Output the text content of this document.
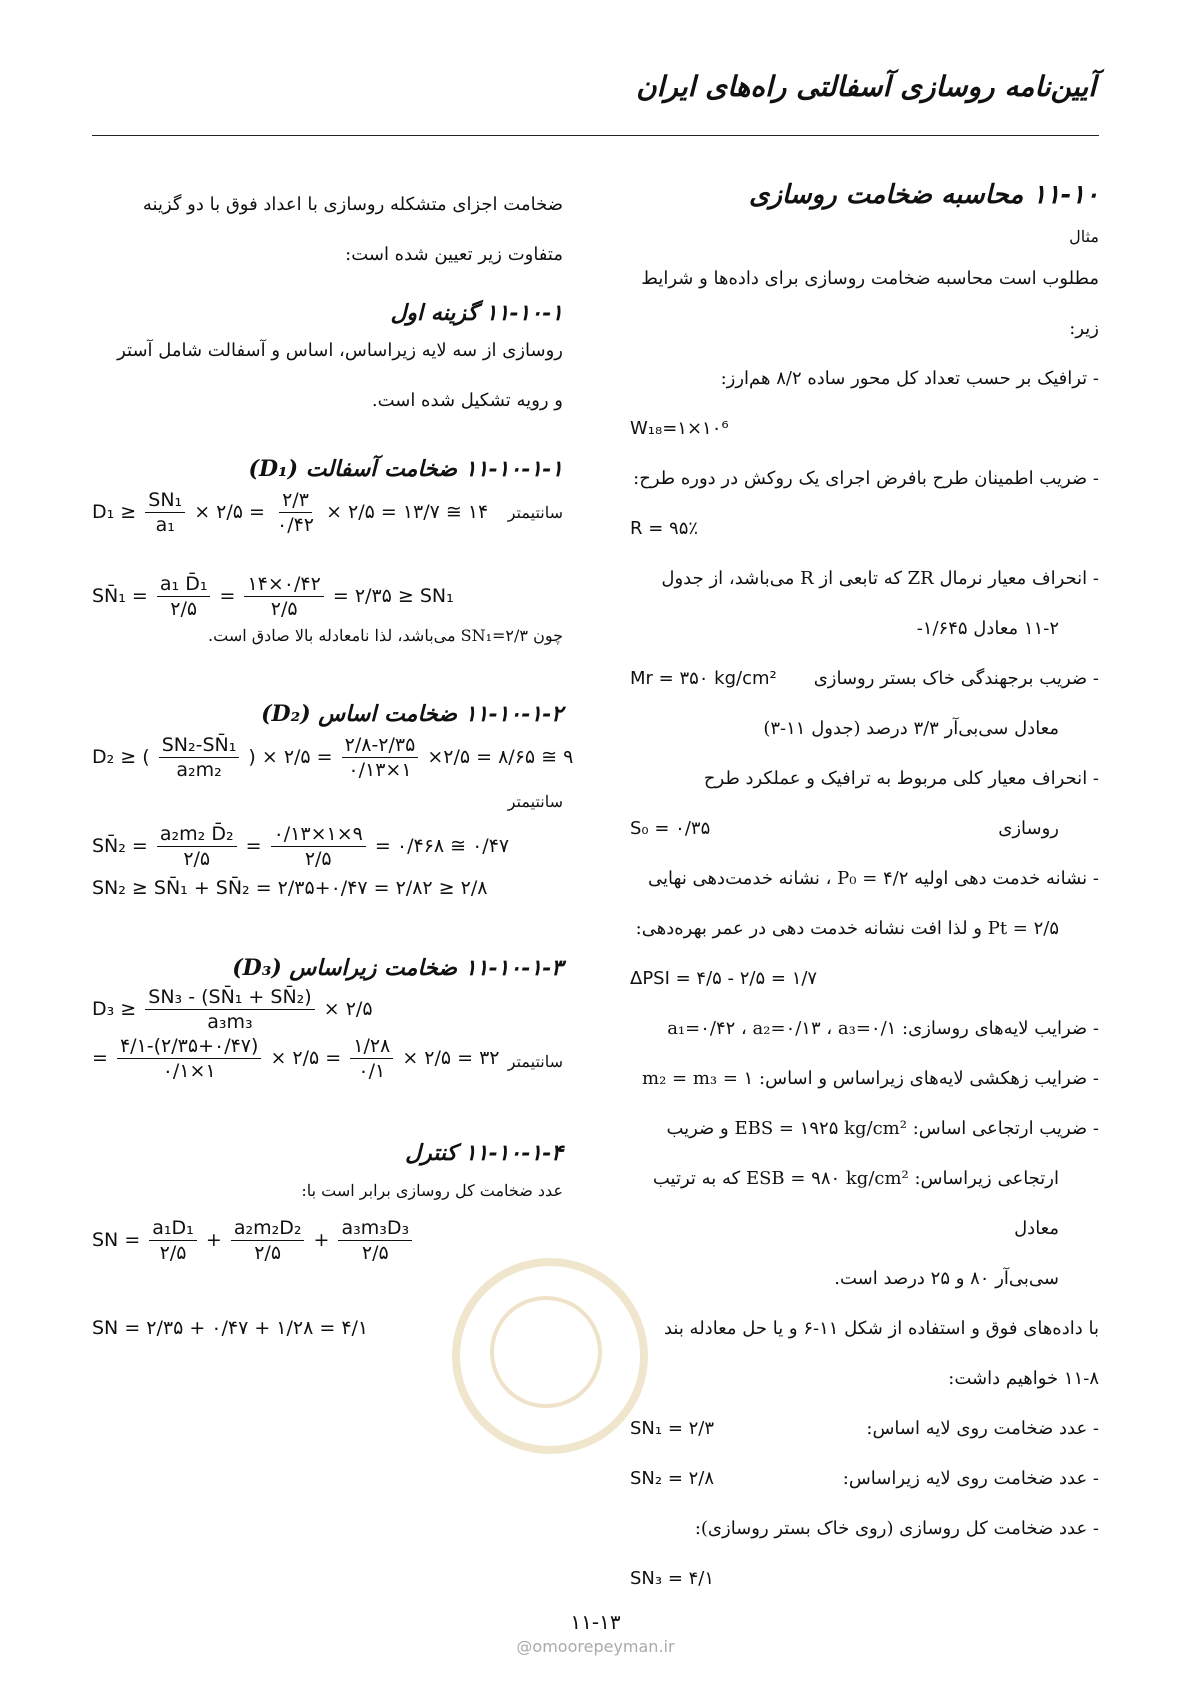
آیین‌نامه روسازی آسفالتی راه‌های ایران
۱۱-۱۰ محاسبه ضخامت روسازی
مثال

مطلوب است محاسبه ضخامت روسازی برای داده‌ها و شرایط زیر:

- ترافیک بر حسب تعداد کل محور ساده ۸/۲ هم‌ارز:

W₁₈=۱×۱۰⁶

- ضریب اطمینان طرح بافرض اجرای یک روکش در دوره طرح:

R = ۹۵٪

- انحراف معیار نرمال ZR که تابعی از R می‌باشد، از جدول

۱۱-۲ معادل ۱/۶۴۵-

- ضریب برجهندگی خاک بستر روسازی

Mr = ۳۵۰ kg/cm²

معادل سی‌بی‌آر ۳/۳ درصد (جدول ۱۱-۳)

- انحراف معیار کلی مربوط به ترافیک و عملکرد طرح

روسازی

S₀ = ۰/۳۵

- نشانه خدمت دهی اولیه P₀ = ۴/۲ ، نشانه خدمت‌دهی نهایی

Pt = ۲/۵ و لذا افت نشانه خدمت دهی در عمر بهره‌دهی:

ΔPSI = ۴/۵ - ۲/۵ = ۱/۷

- ضرایب لایه‌های روسازی: a₁=۰/۴۲ ، a₂=۰/۱۳ ، a₃=۰/۱

- ضرایب زهکشی لایه‌های زیراساس و اساس: m₂ = m₃ = ۱

- ضریب ارتجاعی اساس: EBS = ۱۹۲۵ kg/cm² و ضریب

ارتجاعی زیراساس: ESB = ۹۸۰ kg/cm² که به ترتیب معادل

سی‌بی‌آر ۸۰ و ۲۵ درصد است.

با داده‌های فوق و استفاده از شکل ۱۱-۶ و یا حل معادله بند

۱۱-۸ خواهیم داشت:

- عدد ضخامت روی لایه اساس:

SN₁ = ۲/۳

- عدد ضخامت روی لایه زیراساس:

SN₂ = ۲/۸

- عدد ضخامت کل روسازی (روی خاک بستر روسازی):

SN₃ = ۴/۱

ضخامت اجزای متشکله روسازی با اعداد فوق با دو گزینه

متفاوت زیر تعیین شده است:

۱۱-۱۰-۱ گزینه اول

روسازی از سه لایه زیراساس، اساس و آسفالت شامل آستر

و رویه تشکیل شده است.

۱۱-۱۰-۱-۱ ضخامت آسفالت (D₁)
سانتیمتر
$D_1 \ge \frac{\text{SN₁}}{\text{a₁}}$ × ۲/۵ = $\frac{۲/۳}{۰/۴۲}$ × ۲/۵ = ۱۳/۷ ≅ ۱۴
SN̄₁ = $\frac{\text{a₁ D̄₁}}{۲/۵} = \frac{۱۴\times ۰/۴۲}{۲/۵}$ = ۲/۳۵ ≥ SN₁

چون SN₁=۲/۳ می‌باشد، لذا نامعادله بالا صادق است.

۱۱-۱۰-۱-۲ ضخامت اساس (D₂)
D₂ ≥ ( $\frac{\text{SN₂-SN̄₁}}{\text{a₂m₂}}$ ) × ۲/۵ = $\frac{۲/۸-۲/۳۵}{۰/۱۳\times ۱}$ ×۲/۵ = ۸/۶۵ ≅ ۹

سانتیمتر

SN̄₂ = $\frac{\text{a₂m₂ D̄₂}}{۲/۵} = \frac{۰/۱۳\times ۱\times ۹}{۲/۵}$ = ۰/۴۶۸ ≅ ۰/۴۷
SN₂ ≥ SN̄₁ + SN̄₂ = ۲/۳۵+۰/۴۷ = ۲/۸۲ ≥ ۲/۸
۱۱-۱۰-۱-۳ ضخامت زیراساس (D₃)
$D_3 \ge \frac{\text{SN₃ - (SN̄₁ + SN̄₂)}}{\text{a₃m₃}}$ × ۲/۵
سانتیمتر
= $\frac{۴/۱-(۲/۳۵+۰/۴۷)}{۰/۱\times ۱}$ × ۲/۵ = $\frac{۱/۲۸}{۰/۱}$ × ۲/۵ = ۳۲
۱۱-۱۰-۱-۴ کنترل

عدد ضخامت کل روسازی برابر است با:

SN = $\frac{\text{a₁D₁}}{۲/۵} + \frac{\text{a₂m₂D₂}}{۲/۵} + \frac{\text{a₃m₃D₃}}{۲/۵}$
SN = ۲/۳۵ + ۰/۴۷ + ۱/۲۸ = ۴/۱
۱۱-۱۳
@omoorepeyman.ir
